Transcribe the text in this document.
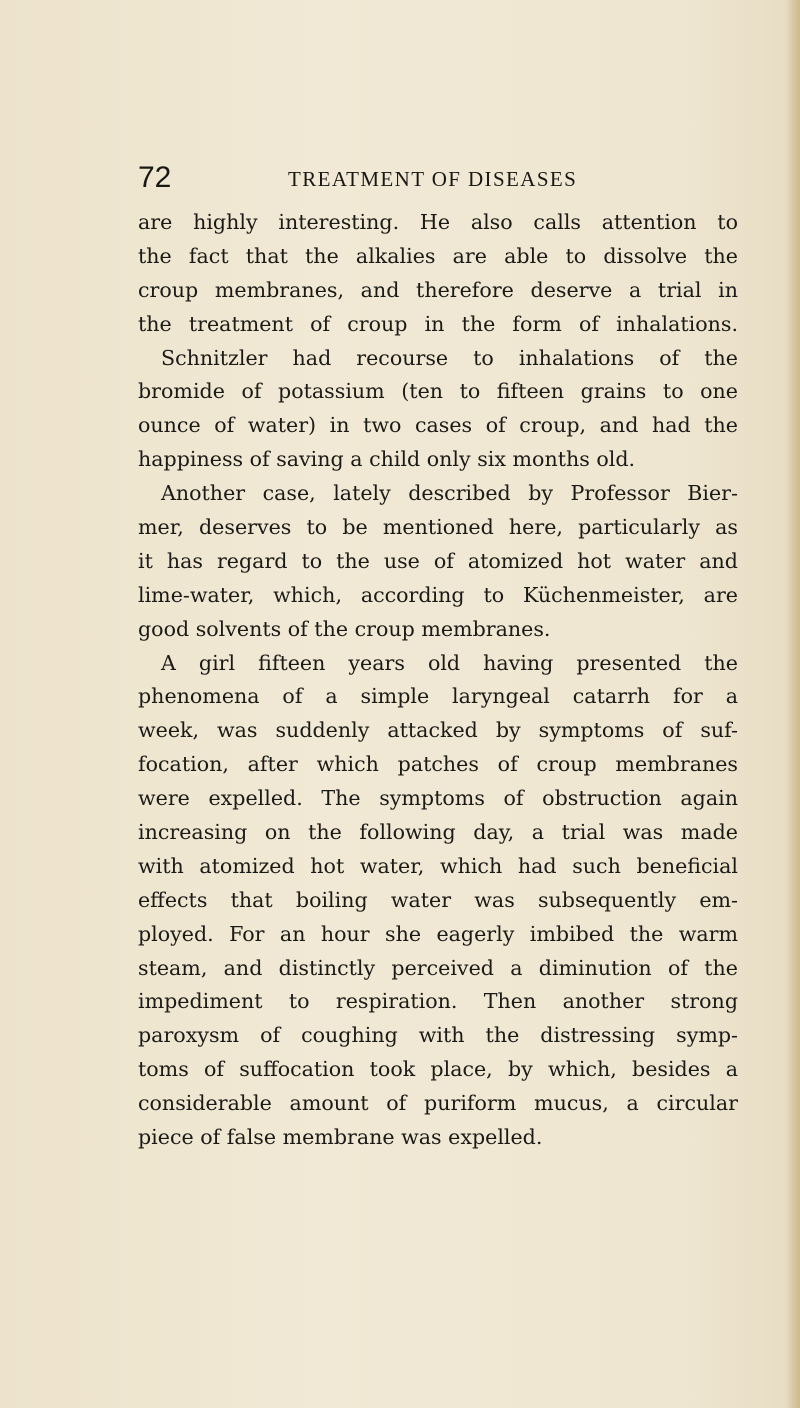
72	TREATMENT OF DISEASES
are highly interesting. He also calls attention to
the fact that the alkalies are able to dissolve the
croup membranes, and therefore deserve a trial in
the treatment of croup in the form of inhalations.
Schnitzler had recourse to inhalations of the
bromide of potassium (ten to fifteen grains to one
ounce of water) in two cases of croup, and had the
happiness of saving a child only six months old.
Another case, lately described by Professor Bier-
mer, deserves to be mentioned here, particularly as
it has regard to the use of atomized hot water and
lime-water, which, according to Küchenmeister, are
good solvents of the croup membranes.
A girl fifteen years old having presented the
phenomena of a simple laryngeal catarrh for a
week, was suddenly attacked by symptoms of suf-
focation, after which patches of croup membranes
were expelled. The symptoms of obstruction again
increasing on the following day, a trial was made
with atomized hot water, which had such beneficial
effects that boiling water was subsequently em-
ployed. For an hour she eagerly imbibed the warm
steam, and distinctly perceived a diminution of the
impediment to respiration. Then another strong
paroxysm of coughing with the distressing symp-
toms of suffocation took place, by which, besides a
considerable amount of puriform mucus, a circular
piece of false membrane was expelled.
